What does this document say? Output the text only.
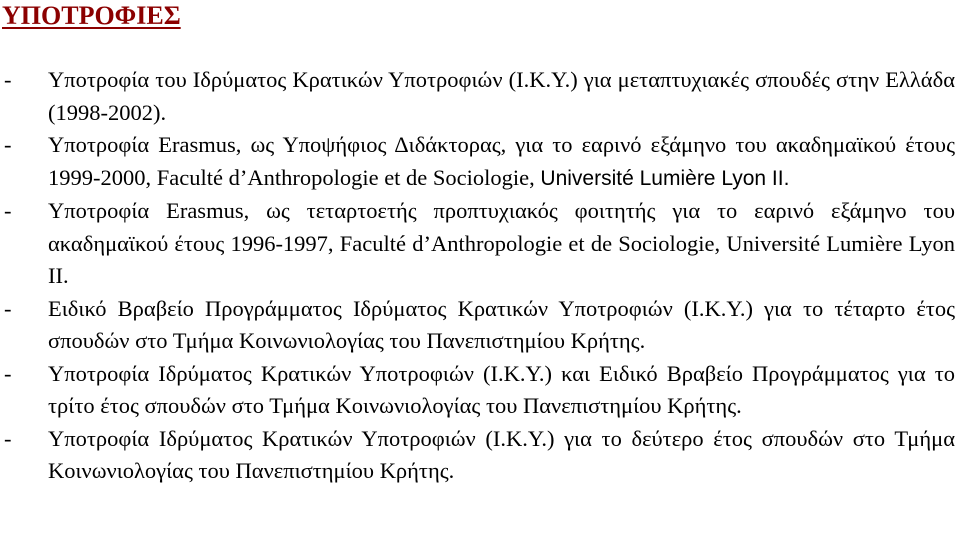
ΥΠΟΤΡΟΦΙΕΣ
- Υποτροφία του Ιδρύματος Κρατικών Υποτροφιών (Ι.Κ.Υ.) για μεταπτυχιακές σπουδές στην Ελλάδα (1998-2002).
- Υποτροφία Erasmus, ως Υποψήφιος Διδάκτορας, για το εαρινό εξάμηνο του ακαδημαϊκού έτους 1999-2000, Faculté d’Anthropologie et de Sociologie, Université Lumière Lyon II.
- Υποτροφία Erasmus, ως τεταρτοετής προπτυχιακός φοιτητής για το εαρινό εξάμηνο του ακαδημαϊκού έτους 1996-1997, Faculté d’Anthropologie et de Sociologie, Université Lumière Lyon II.
- Ειδικό Βραβείο Προγράμματος Ιδρύματος Κρατικών Υποτροφιών (Ι.Κ.Υ.) για το τέταρτο έτος σπουδών στο Τμήμα Κοινωνιολογίας του Πανεπιστημίου Κρήτης.
- Υποτροφία Ιδρύματος Κρατικών Υποτροφιών (Ι.Κ.Υ.) και Ειδικό Βραβείο Προγράμματος για το τρίτο έτος σπουδών στο Τμήμα Κοινωνιολογίας του Πανεπιστημίου Κρήτης.
- Υποτροφία Ιδρύματος Κρατικών Υποτροφιών (Ι.Κ.Υ.) για το δεύτερο έτος σπουδών στο Τμήμα Κοινωνιολογίας του Πανεπιστημίου Κρήτης.
